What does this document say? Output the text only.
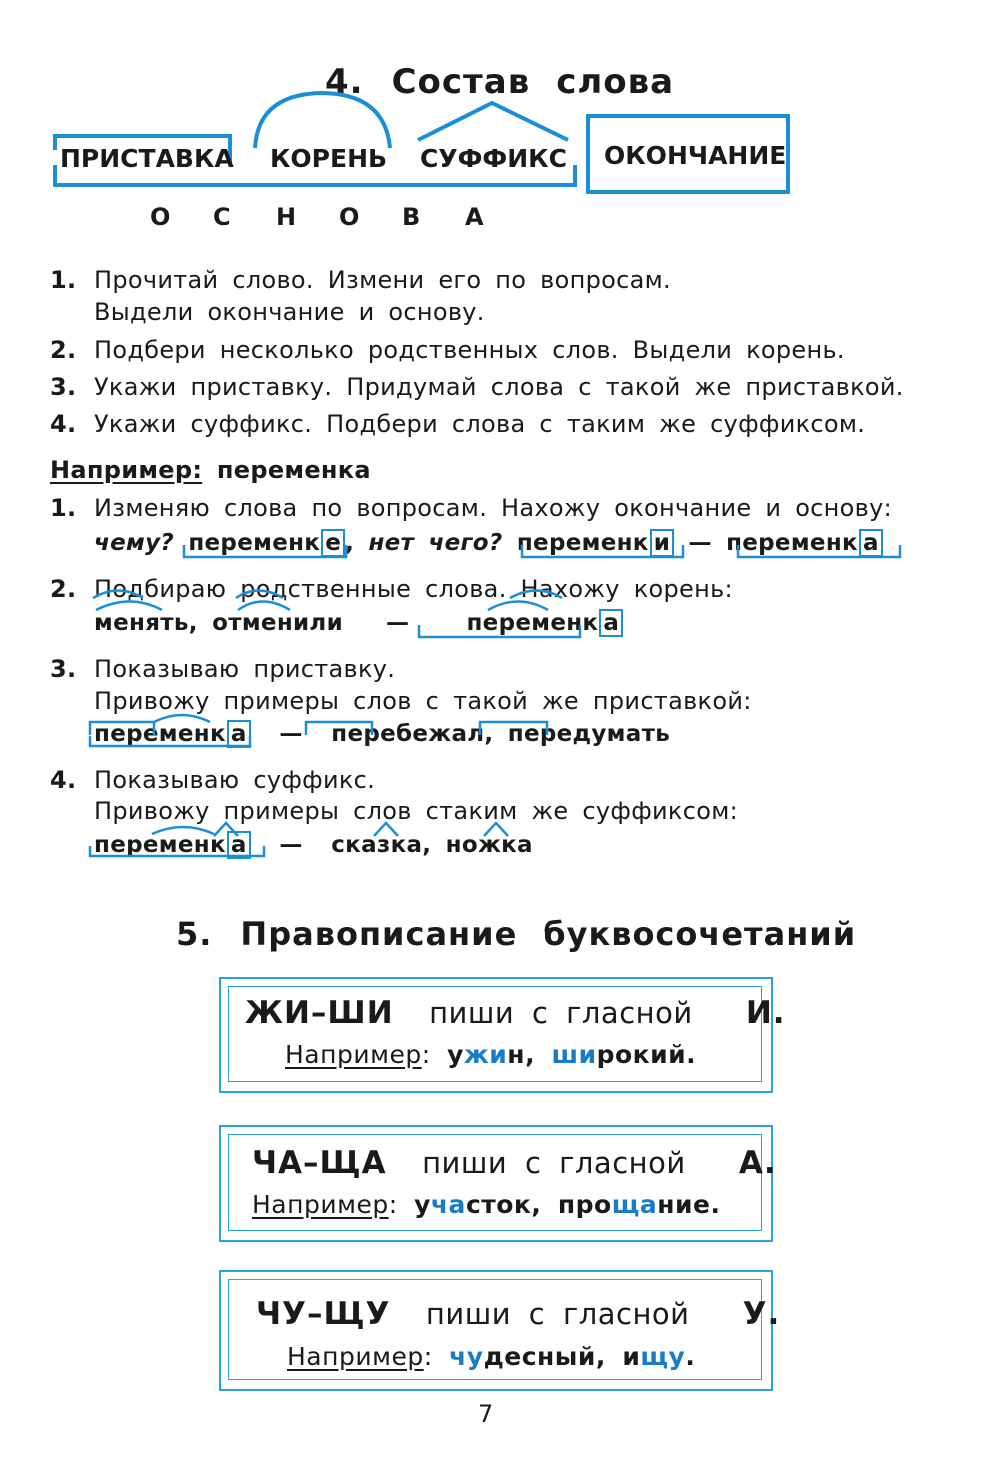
4. Состав слова
ПРИСТАВКА КОРЕНЬ СУФФИКС ОКОНЧАНИЕ
О С Н О В А
1. Прочитай слово. Измени его по вопросам.
Выдели окончание и основу.
2. Подбери несколько родственных слов. Выдели корень.
3. Укажи приставку. Придумай слова с такой же приставкой.
4. Укажи суффикс. Подбери слова с таким же суффиксом.
Например: переменка
1. Изменяю слова по вопросам. Нахожу окончание и основу:
чему? переменк е , нет чего? переменк и — переменк а
2. Подбираю родственные слова. Нахожу корень:
менять, отменили — переменк а
3. Показываю приставку.
Привожу примеры слов с такой же приставкой:
переменк а — перебежал, передумать
4. Показываю суффикс.
Привожу примеры слов стаким же суффиксом:
переменк а — сказка, ножка
5. Правописание буквосочетаний
ЖИ–ШИ пиши с гласной И.
Например: ужин, широкий.
ЧА–ЩА пиши с гласной А.
Например: участок, прощание.
ЧУ–ЩУ пиши с гласной У.
Например: чудесный, ищу.
7
